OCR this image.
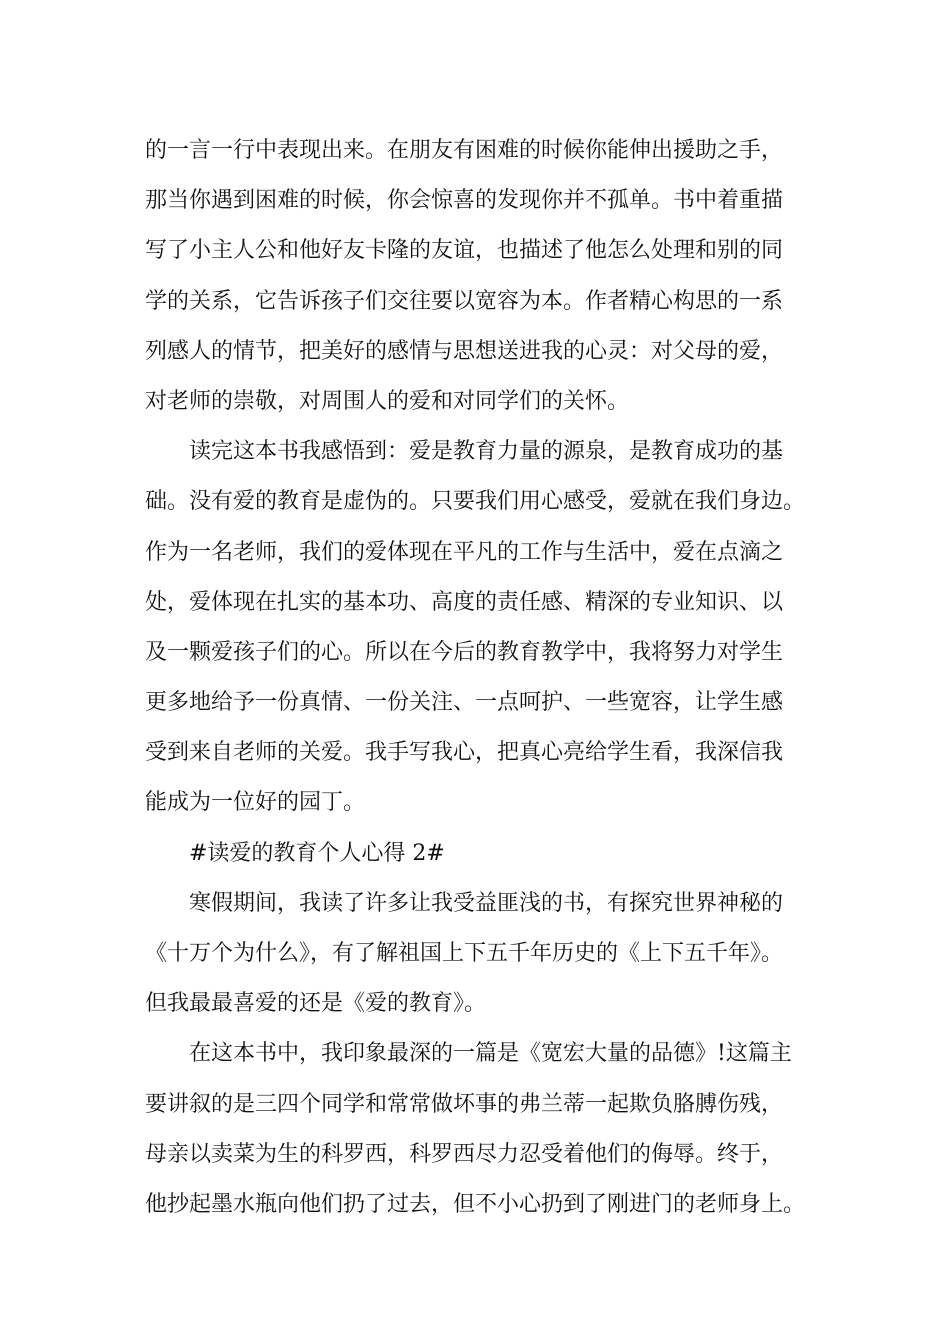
的一言一行中表现出来。在朋友有困难的时候你能伸出援助之手，

那当你遇到困难的时候，你会惊喜的发现你并不孤单。书中着重描

写了小主人公和他好友卡隆的友谊，也描述了他怎么处理和别的同

学的关系，它告诉孩子们交往要以宽容为本。作者精心构思的一系

列感人的情节，把美好的感情与思想送进我的心灵：对父母的爱，

对老师的崇敬，对周围人的爱和对同学们的关怀。

读完这本书我感悟到：爱是教育力量的源泉，是教育成功的基

础。没有爱的教育是虚伪的。只要我们用心感受，爱就在我们身边。

作为一名老师，我们的爱体现在平凡的工作与生活中，爱在点滴之

处，爱体现在扎实的基本功、高度的责任感、精深的专业知识、以

及一颗爱孩子们的心。所以在今后的教育教学中，我将努力对学生

更多地给予一份真情、一份关注、一点呵护、一些宽容，让学生感

受到来自老师的关爱。我手写我心，把真心亮给学生看，我深信我

能成为一位好的园丁。

#读爱的教育个人心得 2#

寒假期间，我读了许多让我受益匪浅的书，有探究世界神秘的

《十万个为什么》，有了解祖国上下五千年历史的《上下五千年》。

但我最最喜爱的还是《爱的教育》。

在这本书中，我印象最深的一篇是《宽宏大量的品德》!这篇主

要讲叙的是三四个同学和常常做坏事的弗兰蒂一起欺负胳膊伤残，

母亲以卖菜为生的科罗西，科罗西尽力忍受着他们的侮辱。终于，

他抄起墨水瓶向他们扔了过去，但不小心扔到了刚进门的老师身上。
